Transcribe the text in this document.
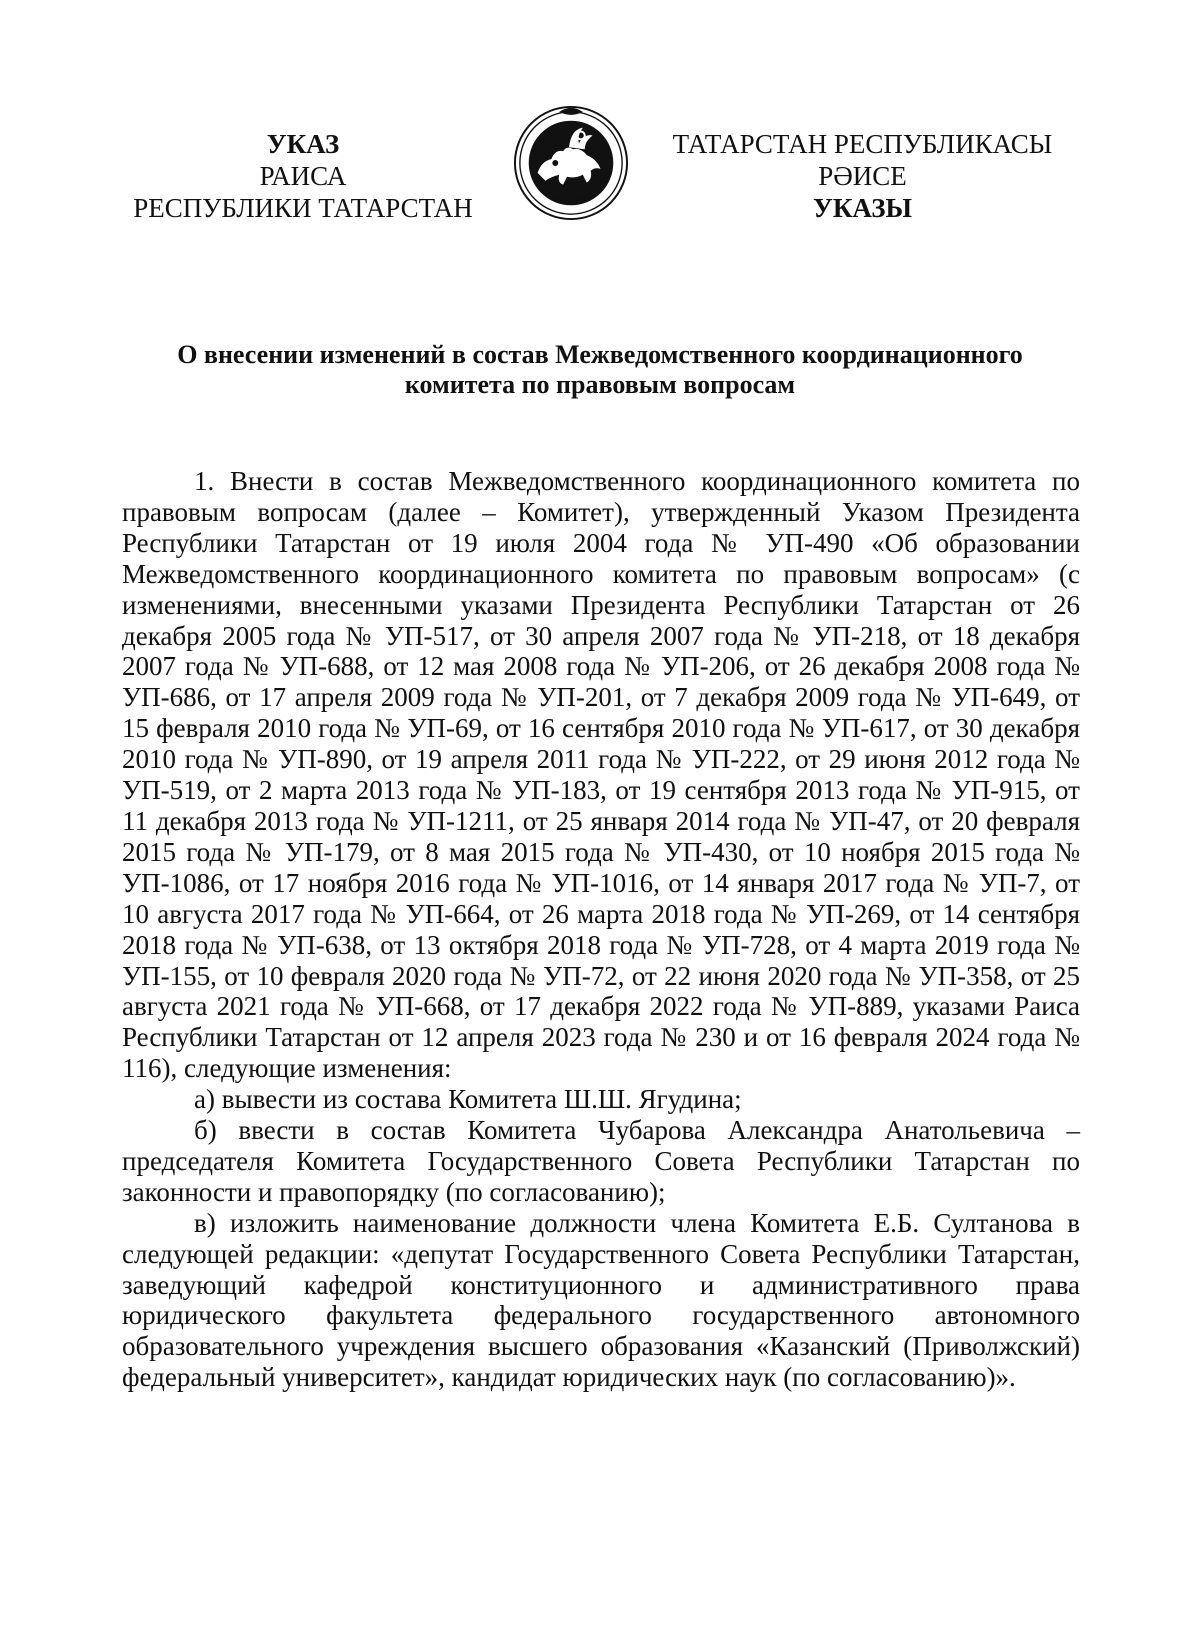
УКАЗ
РАИСА
РЕСПУБЛИКИ ТАТАРСТАН	ТАТАРСТАН
ТАТАРСТАН РЕСПУБЛИКАСЫ
РӘИСЕ
УКАЗЫ
О внесении изменений в состав Межведомственного координационного
комитета по правовым вопросам

1. Внести в состав Межведомственного координационного комитета по правовым вопросам (далее – Комитет), утвержденный Указом Президента Республики Татарстан от 19 июля 2004 года № УП-490 «Об образовании Межведомственного координационного комитета по правовым вопросам» (с изменениями, внесенными указами Президента Республики Татарстан от 26 декабря 2005 года № УП-517, от 30 апреля 2007 года № УП-218, от 18 декабря 2007 года № УП-688, от 12 мая 2008 года № УП-206, от 26 декабря 2008 года № УП-686, от 17 апреля 2009 года № УП-201, от 7 декабря 2009 года № УП-649, от 15 февраля 2010 года № УП-69, от 16 сентября 2010 года № УП-617, от 30 декабря 2010 года № УП-890, от 19 апреля 2011 года № УП-222, от 29 июня 2012 года № УП-519, от 2 марта 2013 года № УП-183, от 19 сентября 2013 года № УП-915, от 11 декабря 2013 года № УП-1211, от 25 января 2014 года № УП-47, от 20 февраля 2015 года № УП-179, от 8 мая 2015 года № УП-430, от 10 ноября 2015 года № УП-1086, от 17 ноября 2016 года № УП-1016, от 14 января 2017 года № УП-7, от 10 августа 2017 года № УП-664, от 26 марта 2018 года № УП-269, от 14 сентября 2018 года № УП-638, от 13 октября 2018 года № УП-728, от 4 марта 2019 года № УП-155, от 10 февраля 2020 года № УП-72, от 22 июня 2020 года № УП-358, от 25 августа 2021 года № УП-668, от 17 декабря 2022 года № УП-889, указами Раиса Республики Татарстан от 12 апреля 2023 года № 230 и от 16 февраля 2024 года № 116), следующие изменения:

а) вывести из состава Комитета Ш.Ш. Ягудина;

б) ввести в состав Комитета Чубарова Александра Анатольевича – председателя Комитета Государственного Совета Республики Татарстан по законности и правопорядку (по согласованию);

в) изложить наименование должности члена Комитета Е.Б. Султанова в следующей редакции: «депутат Государственного Совета Республики Татарстан, заведующий кафедрой конституционного и административного права юридического факультета федерального государственного автономного образовательного учреждения высшего образования «Казанский (Приволжский) федеральный университет», кандидат юридических наук (по согласованию)».
